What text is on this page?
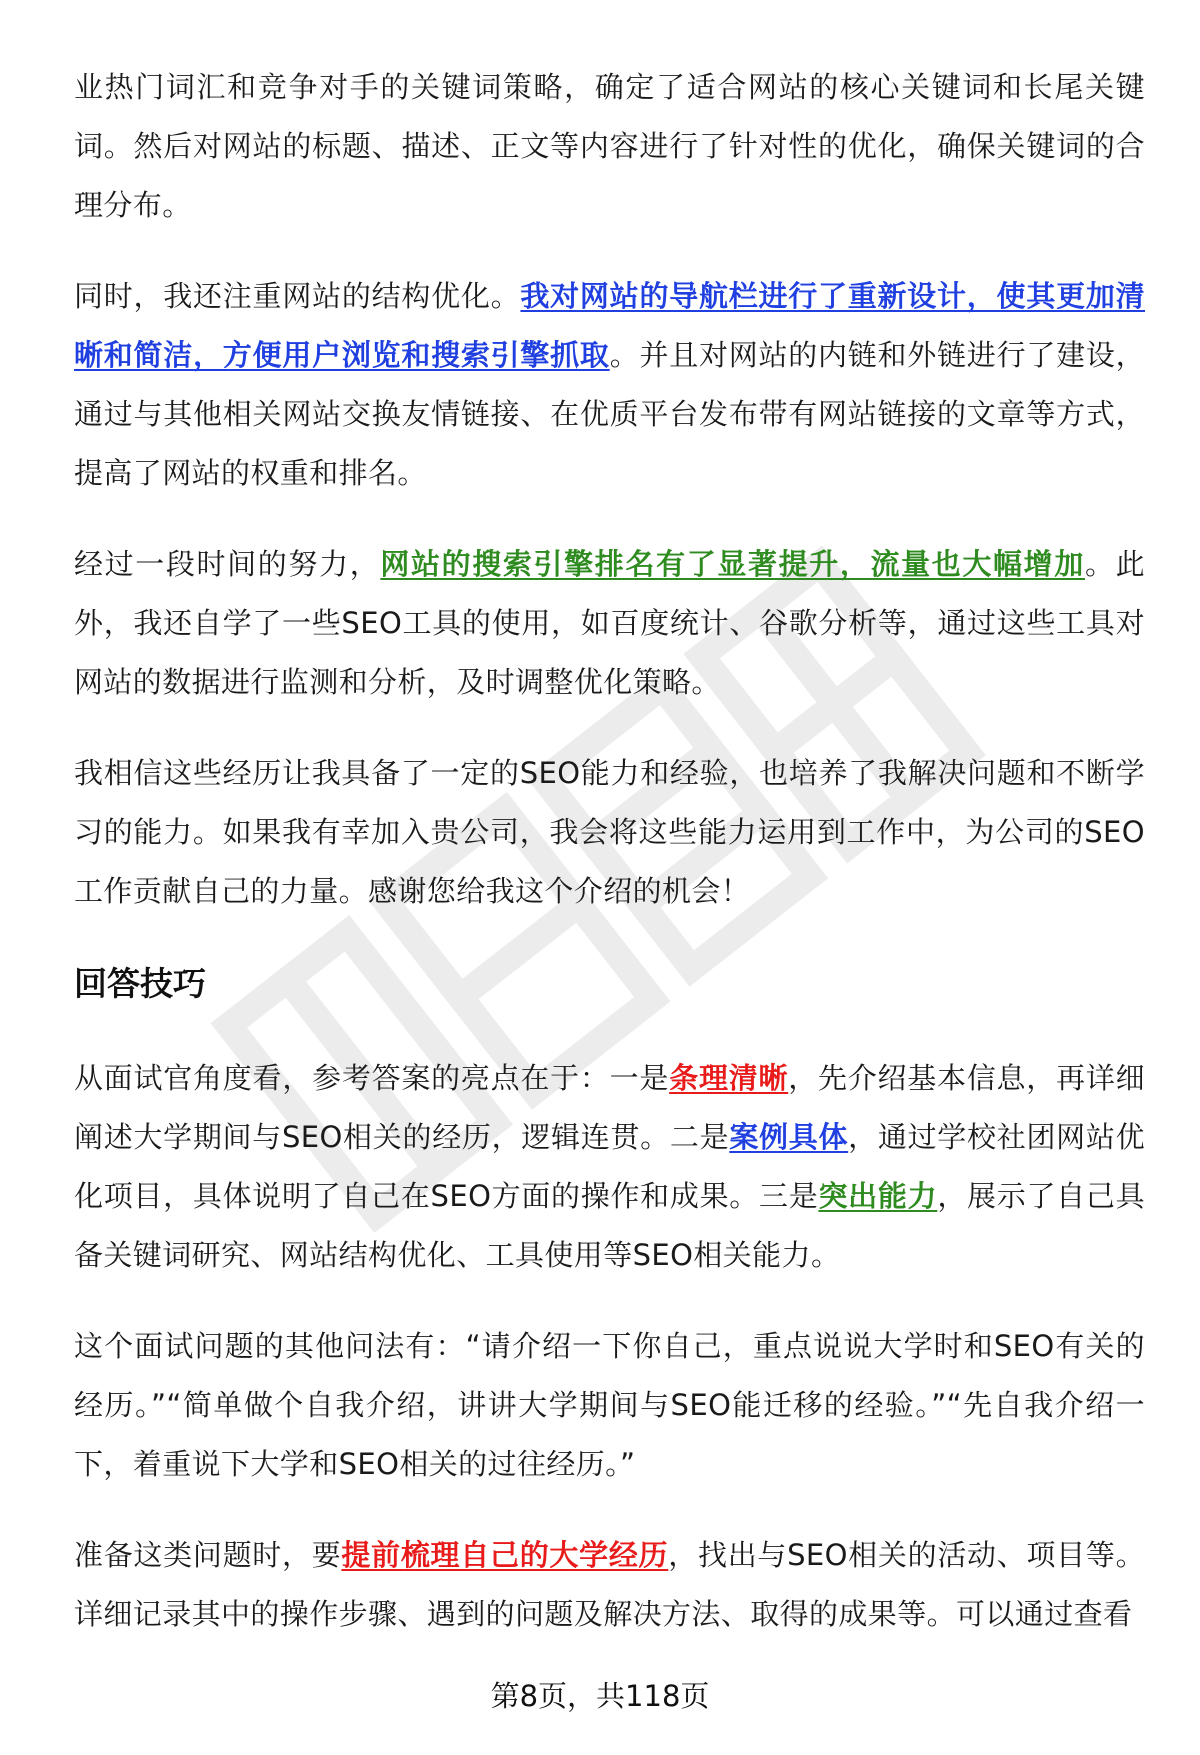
业热门词汇和竞争对手的关键词策略，确定了适合网站的核心关键词和长尾关键词。然后对网站的标题、描述、正文等内容进行了针对性的优化，确保关键词的合理分布。

同时，我还注重网站的结构优化。我对网站的导航栏进行了重新设计，使其更加清晰和简洁，方便用户浏览和搜索引擎抓取。并且对网站的内链和外链进行了建设，通过与其他相关网站交换友情链接、在优质平台发布带有网站链接的文章等方式，提高了网站的权重和排名。

经过一段时间的努力，网站的搜索引擎排名有了显著提升，流量也大幅增加。此外，我还自学了一些SEO工具的使用，如百度统计、谷歌分析等，通过这些工具对网站的数据进行监测和分析，及时调整优化策略。

我相信这些经历让我具备了一定的SEO能力和经验，也培养了我解决问题和不断学习的能力。如果我有幸加入贵公司，我会将这些能力运用到工作中，为公司的SEO工作贡献自己的力量。感谢您给我这个介绍的机会！

回答技巧

从面试官角度看，参考答案的亮点在于：一是条理清晰，先介绍基本信息，再详细阐述大学期间与SEO相关的经历，逻辑连贯。二是案例具体，通过学校社团网站优化项目，具体说明了自己在SEO方面的操作和成果。三是突出能力，展示了自己具备关键词研究、网站结构优化、工具使用等SEO相关能力。

这个面试问题的其他问法有：“请介绍一下你自己，重点说说大学时和SEO有关的经历。”“简单做个自我介绍，讲讲大学期间与SEO能迁移的经验。”“先自我介绍一下，着重说下大学和SEO相关的过往经历。”

准备这类问题时，要提前梳理自己的大学经历，找出与SEO相关的活动、项目等。详细记录其中的操作步骤、遇到的问题及解决方法、取得的成果等。可以通过查看

第8页，共118页
